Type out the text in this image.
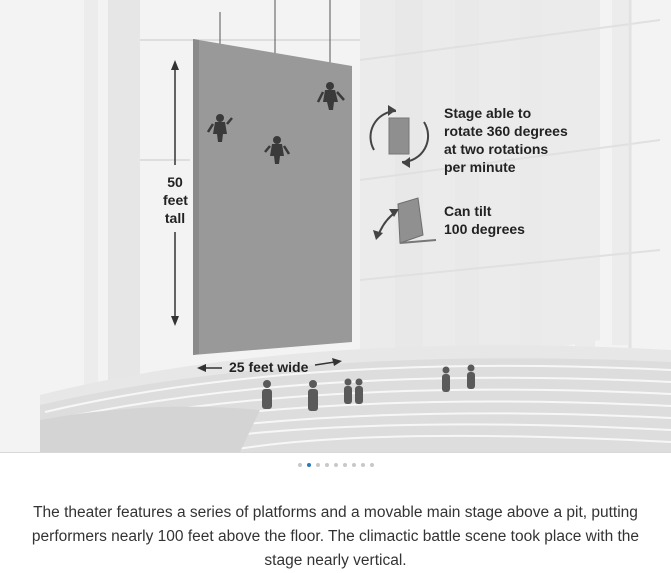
50
feet
tall
Stage able to
rotate 360 degrees
at two rotations
per minute
Can tilt
100 degrees
25 feet wide

The theater features a series of platforms and a movable main stage above a pit, putting performers nearly 100 feet above the floor. The climactic battle scene took place with the stage nearly vertical.
